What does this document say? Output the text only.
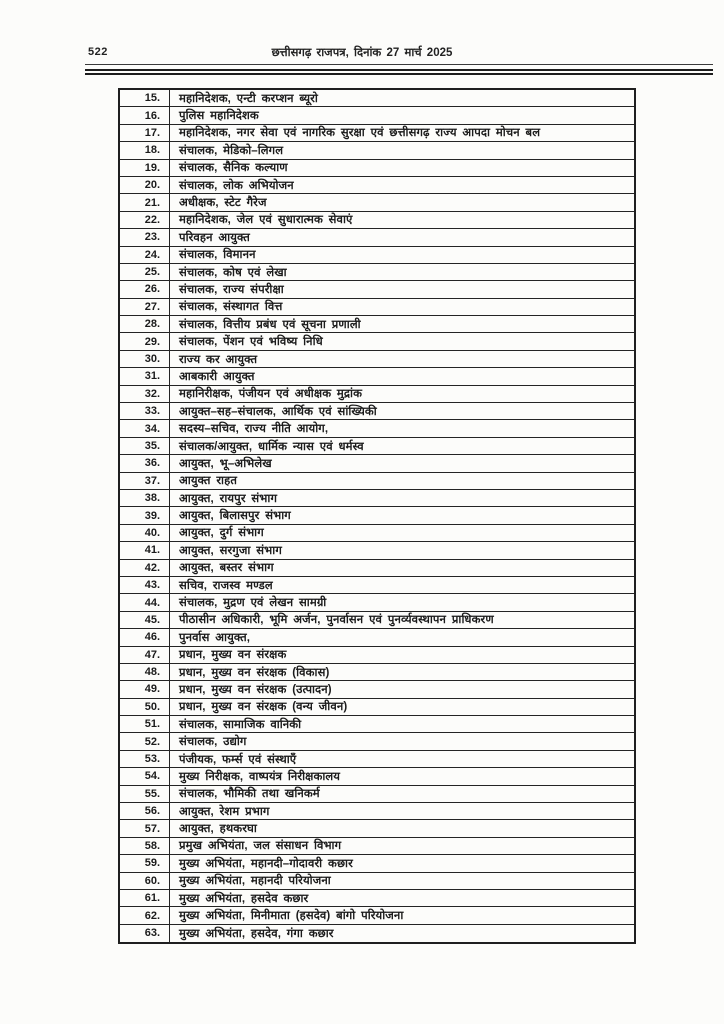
522	छत्तीसगढ़ राजपत्र, दिनांक 27 मार्च 2025
15.	महानिदेशक, एन्टी करप्शन ब्यूरो
16.	पुलिस महानिदेशक
17.	महानिदेशक, नगर सेवा एवं नागरिक सुरक्षा एवं छत्तीसगढ़ राज्य आपदा मोचन बल
18.	संचालक, मेडिको–लिगल
19.	संचालक, सैनिक कल्याण
20.	संचालक, लोक अभियोजन
21.	अधीक्षक, स्टेट गैरेज
22.	महानिदेशक, जेल एवं सुधारात्मक सेवाएं
23.	परिवहन आयुक्त
24.	संचालक, विमानन
25.	संचालक, कोष एवं लेखा
26.	संचालक, राज्य संपरीक्षा
27.	संचालक, संस्थागत वित्त
28.	संचालक, वित्तीय प्रबंध एवं सूचना प्रणाली
29.	संचालक, पेंशन एवं भविष्य निधि
30.	राज्य कर आयुक्त
31.	आबकारी आयुक्त
32.	महानिरीक्षक, पंजीयन एवं अधीक्षक मुद्रांक
33.	आयुक्त–सह–संचालक, आर्थिक एवं सांख्यिकी
34.	सदस्य–सचिव, राज्य नीति आयोग,
35.	संचालक/आयुक्त, धार्मिक न्यास एवं धर्मस्व
36.	आयुक्त, भू–अभिलेख
37.	आयुक्त राहत
38.	आयुक्त, रायपुर संभाग
39.	आयुक्त, बिलासपुर संभाग
40.	आयुक्त, दुर्ग संभाग
41.	आयुक्त, सरगुजा संभाग
42.	आयुक्त, बस्तर संभाग
43.	सचिव, राजस्व मण्डल
44.	संचालक, मुद्रण एवं लेखन सामग्री
45.	पीठासीन अधिकारी, भूमि अर्जन, पुनर्वासन एवं पुनर्व्यवस्थापन प्राधिकरण
46.	पुनर्वास आयुक्त,
47.	प्रधान, मुख्य वन संरक्षक
48.	प्रधान, मुख्य वन संरक्षक (विकास)
49.	प्रधान, मुख्य वन संरक्षक (उत्पादन)
50.	प्रधान, मुख्य वन संरक्षक (वन्य जीवन)
51.	संचालक, सामाजिक वानिकी
52.	संचालक, उद्योग
53.	पंजीयक, फर्म्स एवं संस्थाएँ
54.	मुख्य निरीक्षक, वाष्पयंत्र निरीक्षकालय
55.	संचालक, भौमिकी तथा खनिकर्म
56.	आयुक्त, रेशम प्रभाग
57.	आयुक्त, हथकरघा
58.	प्रमुख अभियंता, जल संसाधन विभाग
59.	मुख्य अभियंता, महानदी–गोदावरी कछार
60.	मुख्य अभियंता, महानदी परियोजना
61.	मुख्य अभियंता, हसदेव कछार
62.	मुख्य अभियंता, मिनीमाता (हसदेव) बांगो परियोजना
63.	मुख्य अभियंता, हसदेव, गंगा कछार
